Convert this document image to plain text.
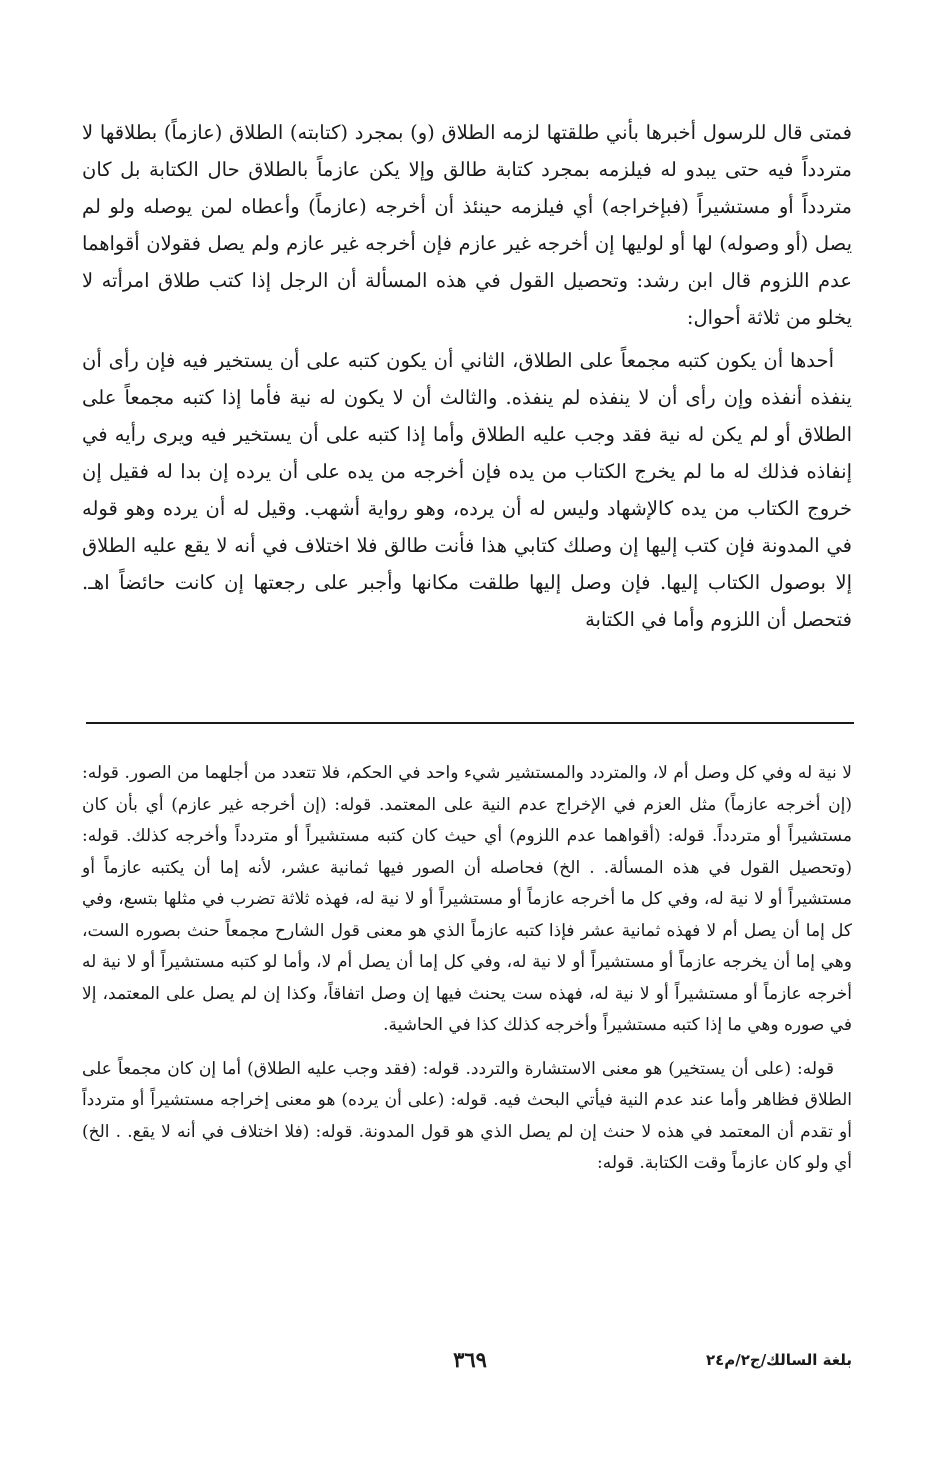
فمتى قال للرسول أخبرها بأني طلقتها لزمه الطلاق (و) بمجرد (كتابته) الطلاق (عازماً) بطلاقها لا متردداً فيه حتى يبدو له فيلزمه بمجرد كتابة طالق وإلا يكن عازماً بالطلاق حال الكتابة بل كان متردداً أو مستشيراً (فبإخراجه) أي فيلزمه حينئذ أن أخرجه (عازماً) وأعطاه لمن يوصله ولو لم يصل (أو وصوله) لها أو لوليها إن أخرجه غير عازم فإن أخرجه غير عازم ولم يصل فقولان أقواهما عدم اللزوم قال ابن رشد: وتحصيل القول في هذه المسألة أن الرجل إذا كتب طلاق امرأته لا يخلو من ثلاثة أحوال:

أحدها أن يكون كتبه مجمعاً على الطلاق، الثاني أن يكون كتبه على أن يستخير فيه فإن رأى أن ينفذه أنفذه وإن رأى أن لا ينفذه لم ينفذه. والثالث أن لا يكون له نية فأما إذا كتبه مجمعاً على الطلاق أو لم يكن له نية فقد وجب عليه الطلاق وأما إذا كتبه على أن يستخير فيه ويرى رأيه في إنفاذه فذلك له ما لم يخرج الكتاب من يده فإن أخرجه من يده على أن يرده إن بدا له فقيل إن خروج الكتاب من يده كالإشهاد وليس له أن يرده، وهو رواية أشهب. وقيل له أن يرده وهو قوله في المدونة فإن كتب إليها إن وصلك كتابي هذا فأنت طالق فلا اختلاف في أنه لا يقع عليه الطلاق إلا بوصول الكتاب إليها. فإن وصل إليها طلقت مكانها وأجبر على رجعتها إن كانت حائضاً اهـ. فتحصل أن اللزوم وأما في الكتابة

لا نية له وفي كل وصل أم لا، والمتردد والمستشير شيء واحد في الحكم، فلا تتعدد من أجلهما من الصور. قوله: (إن أخرجه عازماً) مثل العزم في الإخراج عدم النية على المعتمد. قوله: (إن أخرجه غير عازم) أي بأن كان مستشيراً أو متردداً. قوله: (أقواهما عدم اللزوم) أي حيث كان كتبه مستشيراً أو متردداً وأخرجه كذلك. قوله: (وتحصيل القول في هذه المسألة. . الخ) فحاصله أن الصور فيها ثمانية عشر، لأنه إما أن يكتبه عازماً أو مستشيراً أو لا نية له، وفي كل ما أخرجه عازماً أو مستشيراً أو لا نية له، فهذه ثلاثة تضرب في مثلها بتسع، وفي كل إما أن يصل أم لا فهذه ثمانية عشر فإذا كتبه عازماً الذي هو معنى قول الشارح مجمعاً حنث بصوره الست، وهي إما أن يخرجه عازماً أو مستشيراً أو لا نية له، وفي كل إما أن يصل أم لا، وأما لو كتبه مستشيراً أو لا نية له أخرجه عازماً أو مستشيراً أو لا نية له، فهذه ست يحنث فيها إن وصل اتفاقاً، وكذا إن لم يصل على المعتمد، إلا في صوره وهي ما إذا كتبه مستشيراً وأخرجه كذلك كذا في الحاشية.

قوله: (على أن يستخير) هو معنى الاستشارة والتردد. قوله: (فقد وجب عليه الطلاق) أما إن كان مجمعاً على الطلاق فظاهر وأما عند عدم النية فيأتي البحث فيه. قوله: (على أن يرده) هو معنى إخراجه مستشيراً أو متردداً أو تقدم أن المعتمد في هذه لا حنث إن لم يصل الذي هو قول المدونة. قوله: (فلا اختلاف في أنه لا يقع. . الخ) أي ولو كان عازماً وقت الكتابة. قوله:

٣٦٩	بلغة السالك/ج٢/م٢٤
